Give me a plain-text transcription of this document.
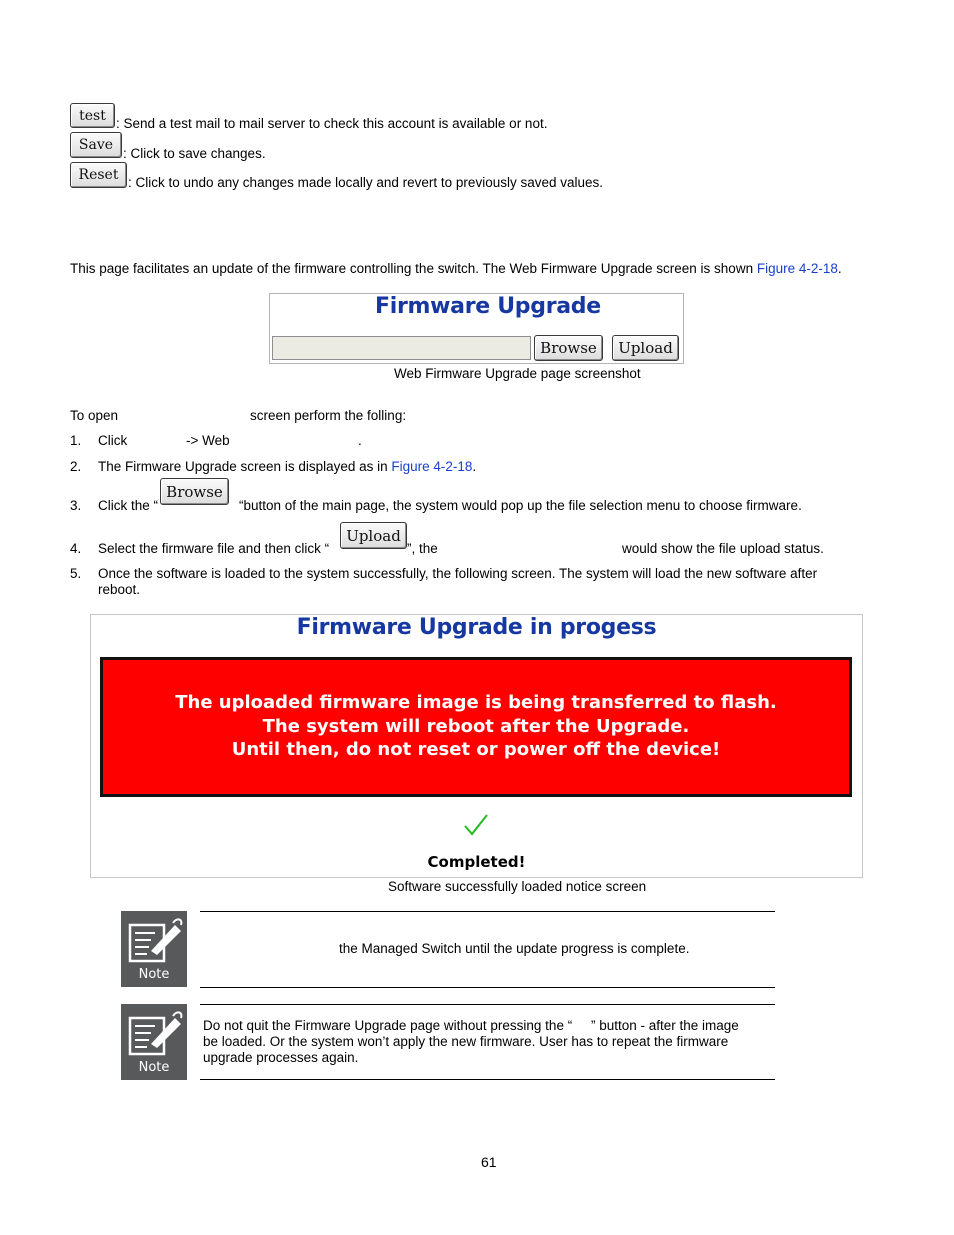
test : Send a test mail to mail server to check this account is available or not.
Save
: Click to save changes.
Reset : Click to undo any changes made locally and revert to previously saved values.
This page facilitates an update of the firmware controlling the switch. The Web Firmware Upgrade screen is shown Figure 4-2-18.
Firmware Upgrade
Browse	Upload
Web Firmware Upgrade page screenshot
To open	screen perform the folling:
1. Click	-> Web	.
2. The Firmware Upgrade screen is displayed as in Figure 4-2-18.
3. Click the “
Browse
“button of the main page, the system would pop up the file selection menu to choose firmware.
4. Select the firmware file and then click “
Upload
”, the	would show the file upload status.
5. Once the software is loaded to the system successfully, the following screen. The system will load the new software after
reboot.
Firmware Upgrade in progess
The uploaded firmware image is being transferred to flash.
The system will reboot after the Upgrade.
Until then, do not reset or power off the device!
Completed!
Software successfully loaded notice screen
Note
the Managed Switch until the update progress is complete.
Note
Do not quit the Firmware Upgrade page without pressing the “     ” button - after the image
be loaded. Or the system won’t apply the new firmware. User has to repeat the firmware
upgrade processes again.
61
